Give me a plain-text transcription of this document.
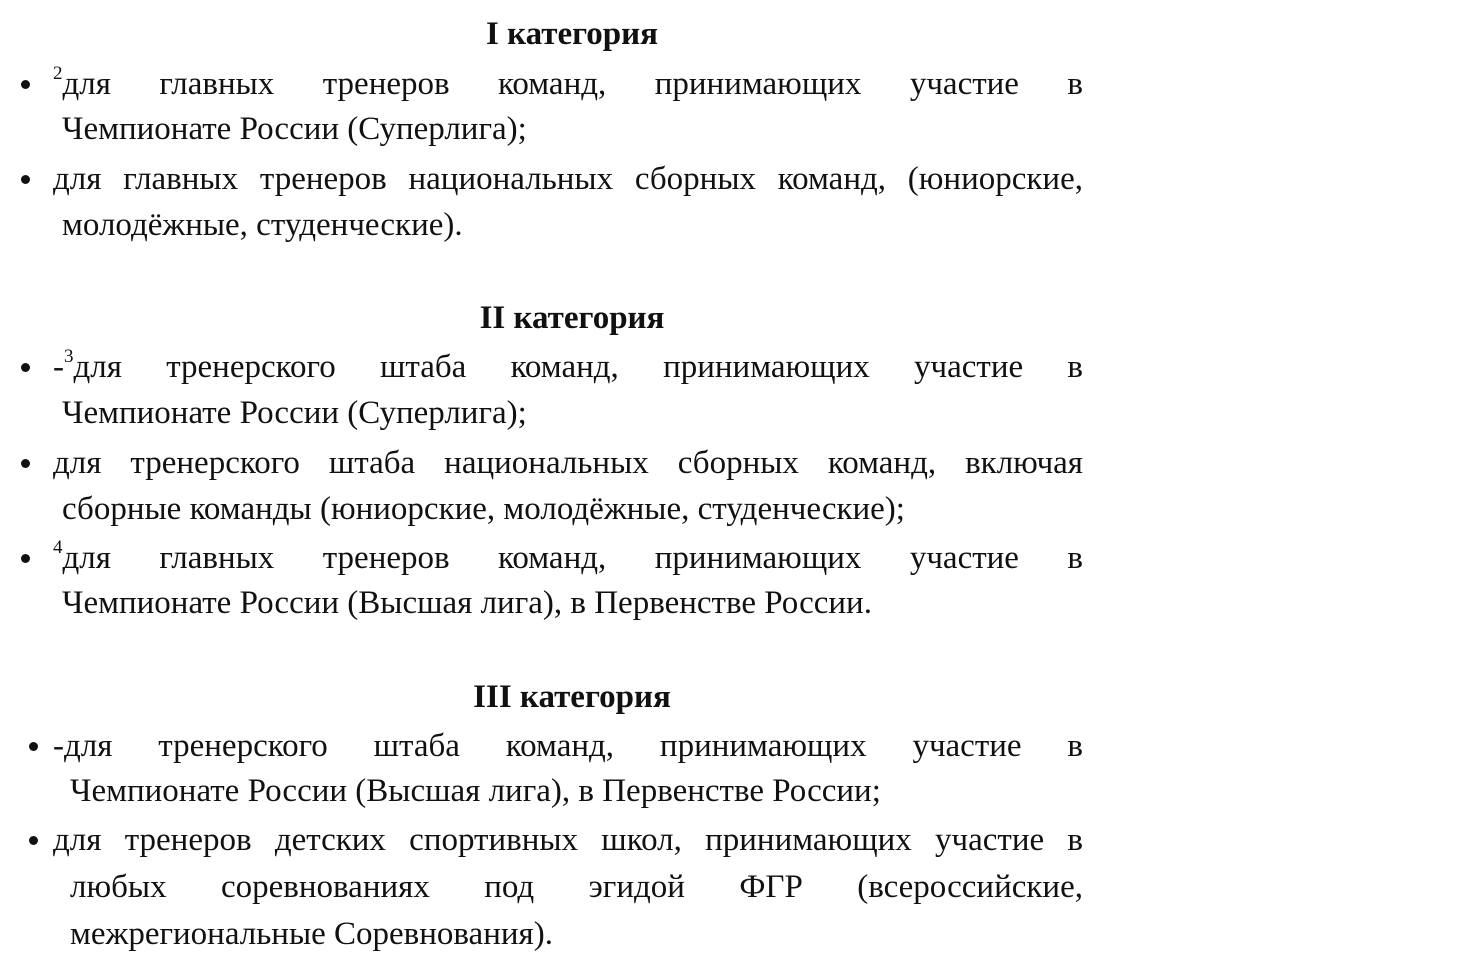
I категория
$^2$для главных тренеров команд, принимающих участие в
Чемпионате России (Суперлига);
для главных тренеров национальных сборных команд, (юниорские,
молодёжные, студенческие).
II категория
-$^3$для тренерского штаба команд, принимающих участие в
Чемпионате России (Суперлига);
для тренерского штаба национальных сборных команд, включая
сборные команды (юниорские, молодёжные, студенческие);
$^4$для главных тренеров команд, принимающих участие в
Чемпионате России (Высшая лига), в Первенстве России.
III категория
-для тренерского штаба команд, принимающих участие в
Чемпионате России (Высшая лига), в Первенстве России;
для тренеров детских спортивных школ, принимающих участие в
любых соревнованиях под эгидой ФГР (всероссийские,
межрегиональные Соревнования).
